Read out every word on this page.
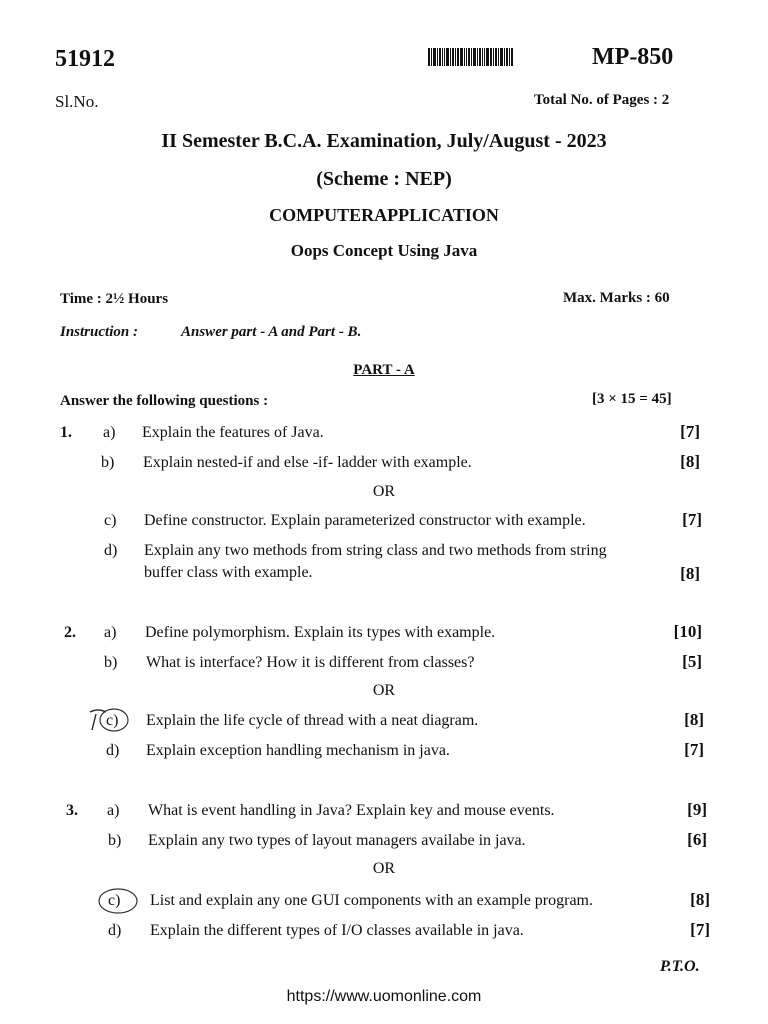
51912	MP-850
Sl.No.	Total No. of Pages : 2
II Semester B.C.A. Examination, July/August - 2023
(Scheme : NEP)
COMPUTERAPPLICATION
Oops Concept Using Java
Time : 2½ Hours	Max. Marks : 60
Instruction :	Answer part - A and Part - B.
PART - A
Answer the following questions :	[3 × 15 = 45]
1. a) Explain the features of Java.	[7]
b) Explain nested-if and else -if- ladder with example.	[8]
OR
c) Define constructor. Explain parameterized constructor with example.	[7]
d) Explain any two methods from string class and two methods from string
buffer class with example.	[8]
2. a) Define polymorphism. Explain its types with example.	[10]
b) What is interface? How it is different from classes?	[5]
OR
c) Explain the life cycle of thread with a neat diagram.	[8]
d) Explain exception handling mechanism in java.	[7]
3. a) What is event handling in Java? Explain key and mouse events.	[9]
b) Explain any two types of layout managers availabe in java.	[6]
OR
c) List and explain any one GUI components with an example program.	[8]
d) Explain the different types of I/O classes available in java.	[7]
P.T.O.
https://www.uomonline.com
